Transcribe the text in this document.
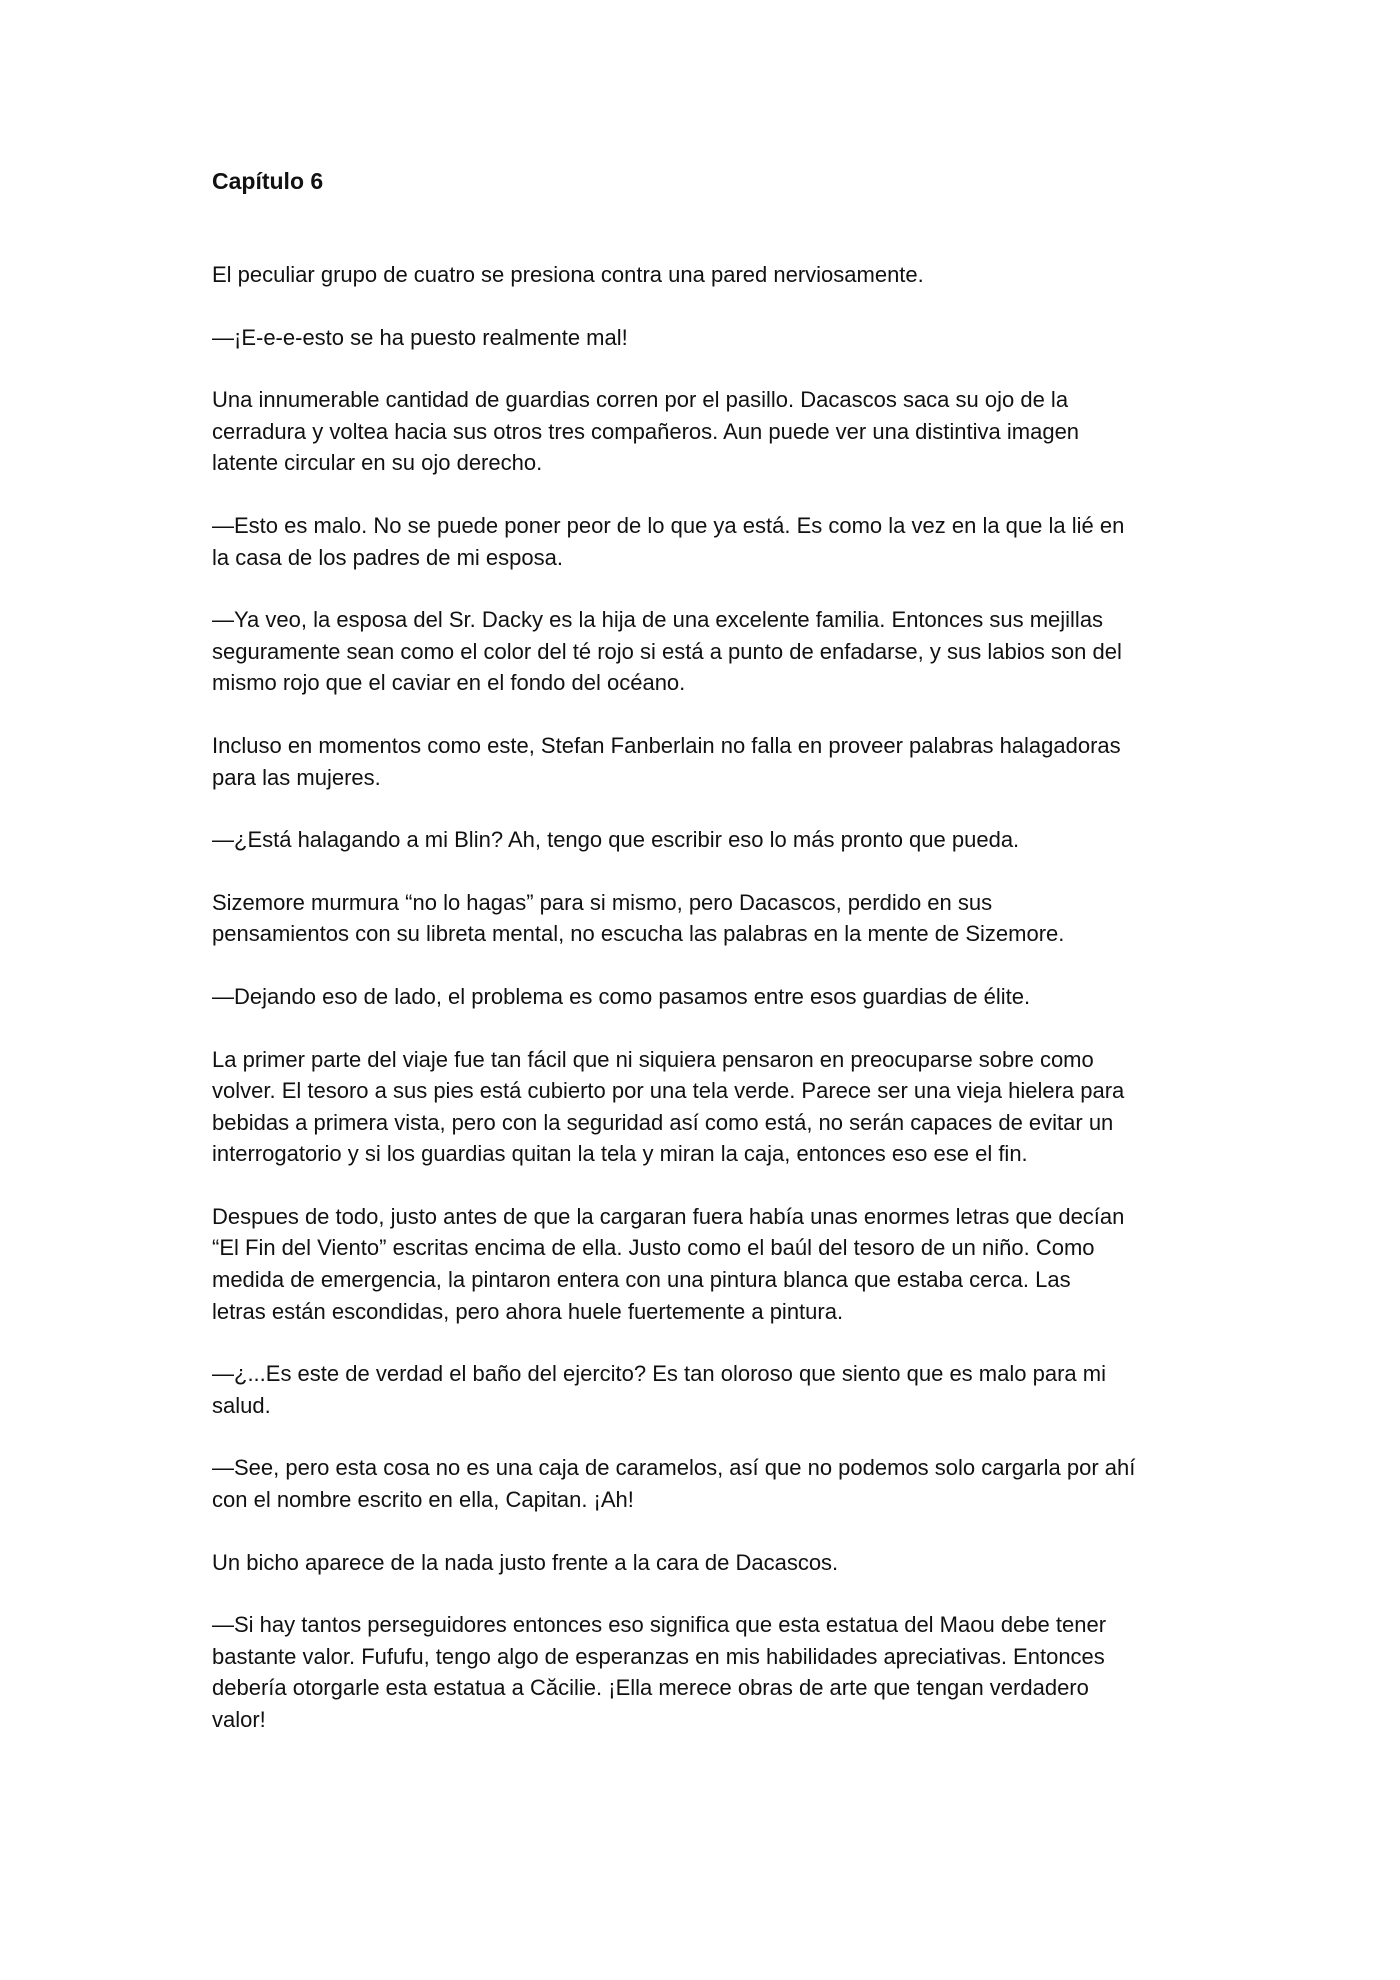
Capítulo 6
El peculiar grupo de cuatro se presiona contra una pared nerviosamente.
—¡E-e-e-esto se ha puesto realmente mal!
Una innumerable cantidad de guardias corren por el pasillo. Dacascos saca su ojo de la
cerradura y voltea hacia sus otros tres compañeros. Aun puede ver una distintiva imagen
latente circular en su ojo derecho.
—Esto es malo. No se puede poner peor de lo que ya está. Es como la vez en la que la lié en
la casa de los padres de mi esposa.
—Ya veo, la esposa del Sr. Dacky es la hija de una excelente familia. Entonces sus mejillas
seguramente sean como el color del té rojo si está a punto de enfadarse, y sus labios son del
mismo rojo que el caviar en el fondo del océano.
Incluso en momentos como este, Stefan Fanberlain no falla en proveer palabras halagadoras
para las mujeres.
—¿Está halagando a mi Blin? Ah, tengo que escribir eso lo más pronto que pueda.
Sizemore murmura “no lo hagas” para si mismo, pero Dacascos, perdido en sus
pensamientos con su libreta mental, no escucha las palabras en la mente de Sizemore.
—Dejando eso de lado, el problema es como pasamos entre esos guardias de élite.
La primer parte del viaje fue tan fácil que ni siquiera pensaron en preocuparse sobre como
volver. El tesoro a sus pies está cubierto por una tela verde. Parece ser una vieja hielera para
bebidas a primera vista, pero con la seguridad así como está, no serán capaces de evitar un
interrogatorio y si los guardias quitan la tela y miran la caja, entonces eso ese el fin.
Despues de todo, justo antes de que la cargaran fuera había unas enormes letras que decían
“El Fin del Viento” escritas encima de ella. Justo como el baúl del tesoro de un niño. Como
medida de emergencia, la pintaron entera con una pintura blanca que estaba cerca. Las
letras están escondidas, pero ahora huele fuertemente a pintura.
—¿...Es este de verdad el baño del ejercito? Es tan oloroso que siento que es malo para mi
salud.
—See, pero esta cosa no es una caja de caramelos, así que no podemos solo cargarla por ahí
con el nombre escrito en ella, Capitan. ¡Ah!
Un bicho aparece de la nada justo frente a la cara de Dacascos.
—Si hay tantos perseguidores entonces eso significa que esta estatua del Maou debe tener
bastante valor. Fufufu, tengo algo de esperanzas en mis habilidades apreciativas. Entonces
debería otorgarle esta estatua a Căcilie. ¡Ella merece obras de arte que tengan verdadero
valor!
